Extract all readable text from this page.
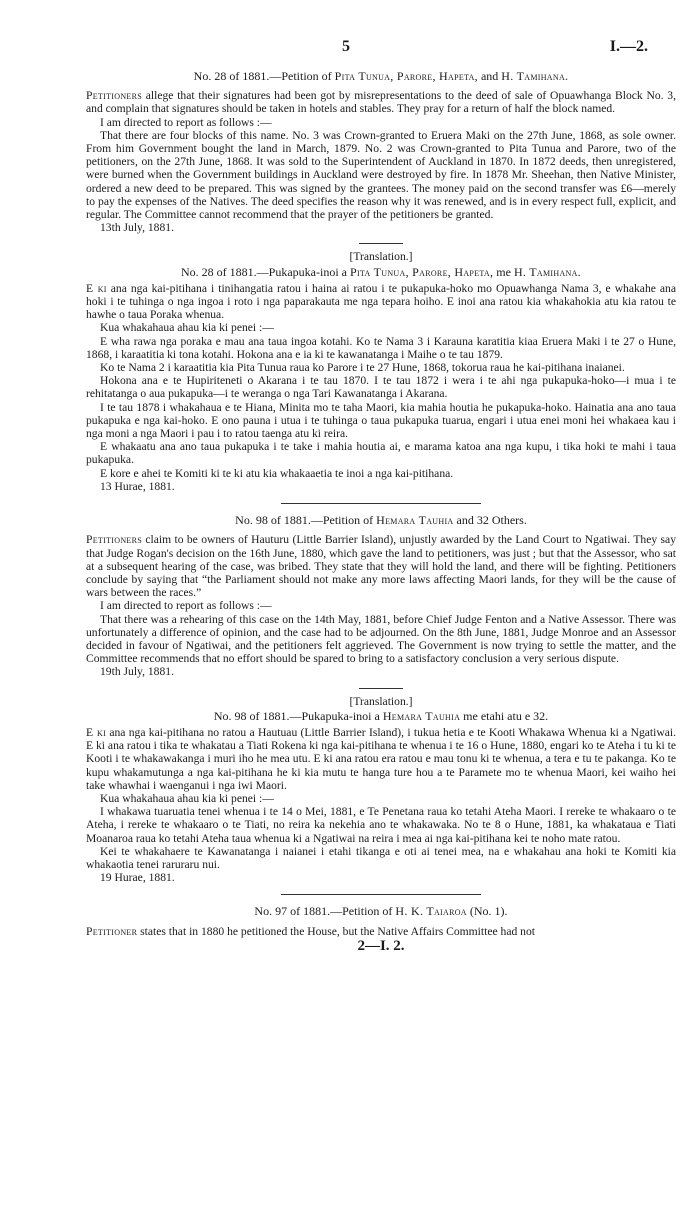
5	I.—2.
No. 28 of 1881.—Petition of Pita Tunua, Parore, Hapeta, and H. Tamihana.

Petitioners allege that their signatures had been got by misrepresentations to the deed of sale of Opuawhanga Block No. 3, and complain that signatures should be taken in hotels and stables. They pray for a return of half the block named.

I am directed to report as follows :—

That there are four blocks of this name. No. 3 was Crown-granted to Eruera Maki on the 27th June, 1868, as sole owner. From him Government bought the land in March, 1879. No. 2 was Crown-granted to Pita Tunua and Parore, two of the petitioners, on the 27th June, 1868. It was sold to the Superintendent of Auckland in 1870. In 1872 deeds, then unregistered, were burned when the Government buildings in Auckland were destroyed by fire. In 1878 Mr. Sheehan, then Native Minister, ordered a new deed to be prepared. This was signed by the grantees. The money paid on the second transfer was £6—merely to pay the expenses of the Natives. The deed specifies the reason why it was renewed, and is in every respect full, explicit, and regular. The Committee cannot recommend that the prayer of the petitioners be granted.

13th July, 1881.

[Translation.]
No. 28 of 1881.—Pukapuka-inoi a Pita Tunua, Parore, Hapeta, me H. Tamihana.

E ki ana nga kai-pitihana i tinihangatia ratou i haina ai ratou i te pukapuka-hoko mo Opuawhanga Nama 3, e whakahe ana hoki i te tuhinga o nga ingoa i roto i nga paparakauta me nga tepara hoiho. E inoi ana ratou kia whakahokia atu kia ratou te hawhe o taua Poraka whenua.

Kua whakahaua ahau kia ki penei :—

E wha rawa nga poraka e mau ana taua ingoa kotahi. Ko te Nama 3 i Karauna karatitia kiaa Eruera Maki i te 27 o Hune, 1868, i karaatitia ki tona kotahi. Hokona ana e ia ki te kawanatanga i Maihe o te tau 1879.

Ko te Nama 2 i karaatitia kia Pita Tunua raua ko Parore i te 27 Hune, 1868, tokorua raua he kai-pitihana inaianei.

Hokona ana e te Hupiriteneti o Akarana i te tau 1870. I te tau 1872 i wera i te ahi nga pukapuka-hoko—i mua i te rehitatanga o aua pukapuka—i te weranga o nga Tari Kawanatanga i Akarana.

I te tau 1878 i whakahaua e te Hiana, Minita mo te taha Maori, kia mahia houtia he pukapuka-hoko. Hainatia ana ano taua pukapuka e nga kai-hoko. E ono pauna i utua i te tuhinga o taua pukapuka tuarua, engari i utua enei moni hei whakaea kau i nga moni a nga Maori i pau i to ratou taenga atu ki reira.

E whakaatu ana ano taua pukapuka i te take i mahia houtia ai, e marama katoa ana nga kupu, i tika hoki te mahi i taua pukapuka.

E kore e ahei te Komiti ki te ki atu kia whakaaetia te inoi a nga kai-pitihana.

13 Hurae, 1881.

No. 98 of 1881.—Petition of Hemara Tauhia and 32 Others.

Petitioners claim to be owners of Hauturu (Little Barrier Island), unjustly awarded by the Land Court to Ngatiwai. They say that Judge Rogan's decision on the 16th June, 1880, which gave the land to petitioners, was just ; but that the Assessor, who sat at a subsequent hearing of the case, was bribed. They state that they will hold the land, and there will be fighting. Petitioners conclude by saying that “the Parliament should not make any more laws affecting Maori lands, for they will be the cause of wars between the races.”

I am directed to report as follows :—

That there was a rehearing of this case on the 14th May, 1881, before Chief Judge Fenton and a Native Assessor. There was unfortunately a difference of opinion, and the case had to be adjourned. On the 8th June, 1881, Judge Monroe and an Assessor decided in favour of Ngatiwai, and the petitioners felt aggrieved. The Government is now trying to settle the matter, and the Committee recommends that no effort should be spared to bring to a satisfactory conclusion a very serious dispute.

19th July, 1881.

[Translation.]
No. 98 of 1881.—Pukapuka-inoi a Hemara Tauhia me etahi atu e 32.

E ki ana nga kai-pitihana no ratou a Hautuau (Little Barrier Island), i tukua hetia e te Kooti Whakawa Whenua ki a Ngatiwai. E ki ana ratou i tika te whakatau a Tiati Rokena ki nga kai-pitihana te whenua i te 16 o Hune, 1880, engari ko te Ateha i tu ki te Kooti i te whakawakanga i muri iho he mea utu. E ki ana ratou era ratou e mau tonu ki te whenua, a tera e tu te pakanga. Ko te kupu whakamutunga a nga kai-pitihana he ki kia mutu te hanga ture hou a te Paramete mo te whenua Maori, kei waiho hei take whawhai i waenganui i nga iwi Maori.

Kua whakahaua ahau kia ki penei :—

I whakawa tuaruatia tenei whenua i te 14 o Mei, 1881, e Te Penetana raua ko tetahi Ateha Maori. I rereke te whakaaro o te Ateha, i rereke te whakaaro o te Tiati, no reira ka nekehia ano te whakawaka. No te 8 o Hune, 1881, ka whakataua e Tiati Moanaroa raua ko tetahi Ateha taua whenua ki a Ngatiwai na reira i mea ai nga kai-pitihana kei te noho mate ratou.

Kei te whakahaere te Kawanatanga i naianei i etahi tikanga e oti ai tenei mea, na e whakahau ana hoki te Komiti kia whakaotia tenei raruraru nui.

19 Hurae, 1881.

No. 97 of 1881.—Petition of H. K. Taiaroa (No. 1).

Petitioner states that in 1880 he petitioned the House, but the Native Affairs Committee had not

2—I. 2.
